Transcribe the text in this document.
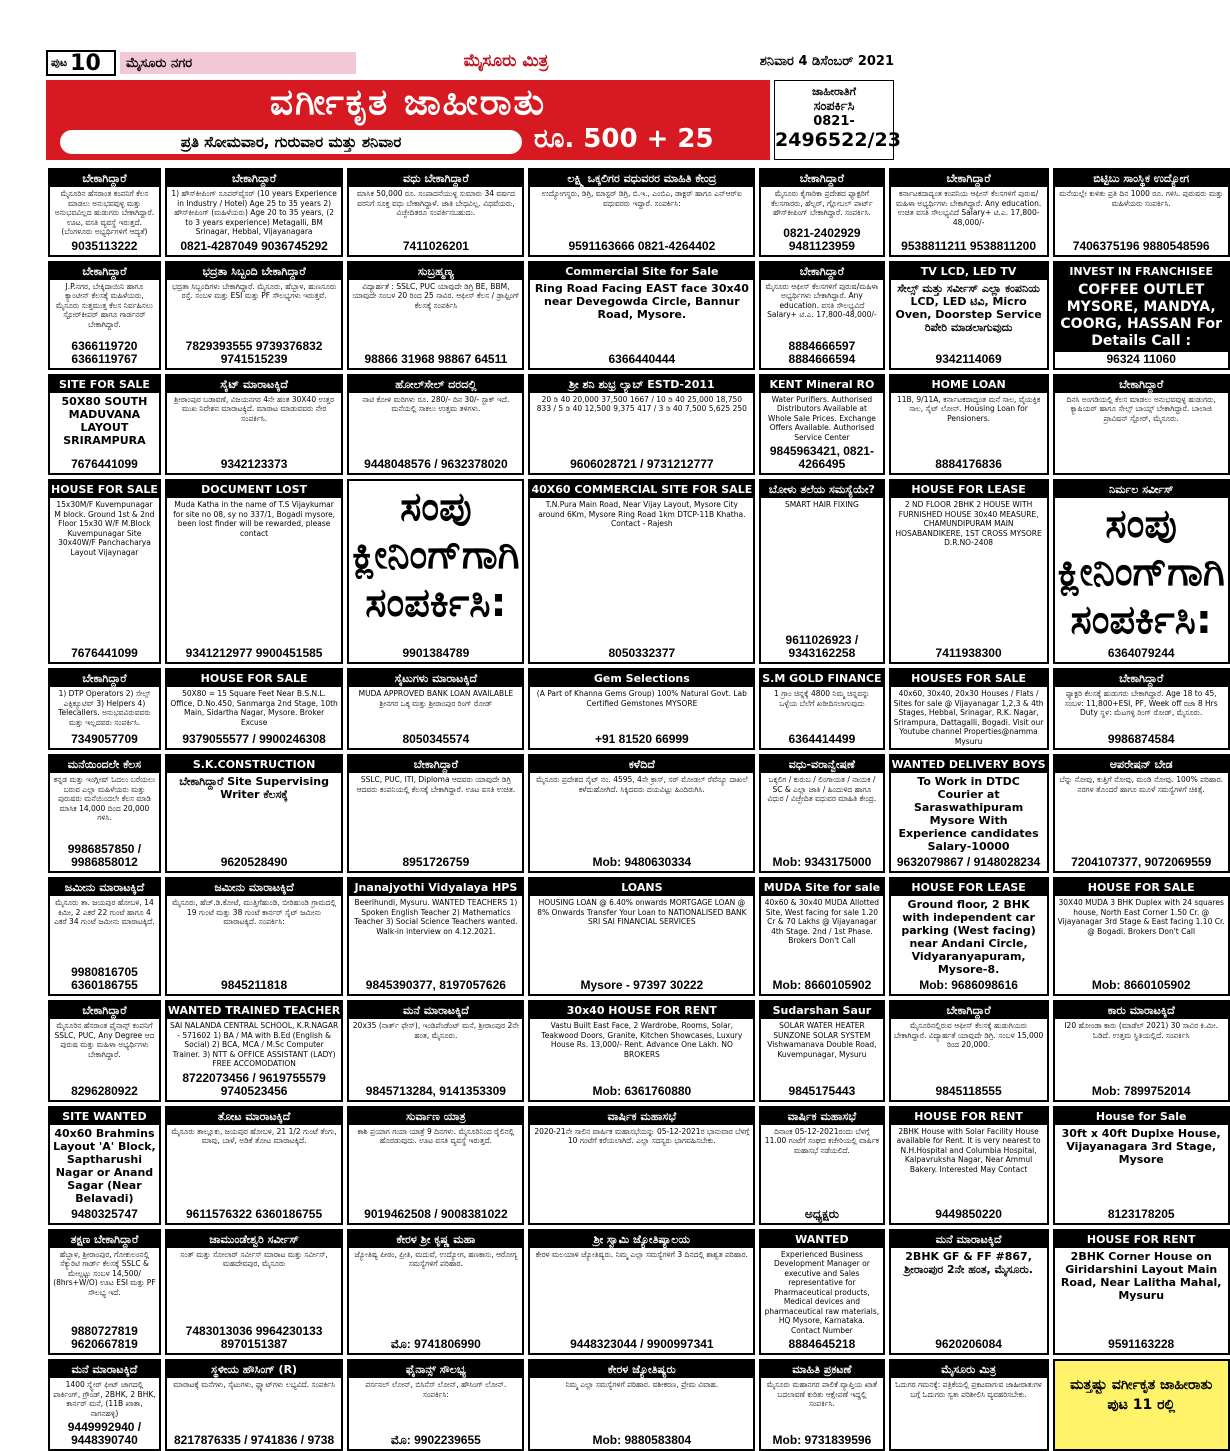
ಪುಟ 10	ಮೈಸೂರು ನಗರ	ಮೈಸೂರು ಮಿತ್ರ	ಶನಿವಾರ 4 ಡಿಸೆಂಬರ್ 2021
ವರ್ಗೀಕೃತ ಜಾಹೀರಾತು
ಪ್ರತಿ ಸೋಮವಾರ, ಗುರುವಾರ ಮತ್ತು ಶನಿವಾರ	ರೂ. 500 + 25
ಜಾಹೀರಾತಿಗೆ
ಸಂಪರ್ಕಿಸಿ
0821-
2496522/23
ಬೇಕಾಗಿದ್ದಾರೆ
ಮೈಸೂರಿನ ಹೆಸರಾಂತ ಕಂಪನಿಗೆ ಕೆಲಸ ಮಾಡಲು ಅನುಭವವುಳ್ಳ ಮತ್ತು ಅನುಭವವಿಲ್ಲದ ಹುಡುಗರು ಬೇಕಾಗಿದ್ದಾರೆ. ಊಟ, ವಸತಿ ವ್ಯವಸ್ಥೆ ಇರುತ್ತದೆ. (ಬೆಂಗಳೂರು ಅಭ್ಯರ್ಥಿಗಳಿಗೆ ಆದ್ಯತೆ)
9035113222
ಬೇಕಾಗಿದ್ದಾರೆ
1) ಹೌಸ್‌ಕೀಪಿಂಗ್ ಸೂಪರ್‌ವೈಸರ್ (10 years Experience in Industry / Hotel) Age 25 to 35 years 2) ಹೌಸ್‌ಕೀಪಿಂಗ್ (ಮಹಿಳೆಯರು) Age 20 to 35 years, (2 to 3 years experience) Metagalli, BM Srinagar, Hebbal, Vijayanagara
0821-4287049 9036745292
ವಧು ಬೇಕಾಗಿದ್ದಾರೆ
ಮಾಸಿಕ 50,000 ರೂ. ಸಂಪಾದನೆಯುಳ್ಳ ಸುಮಾರು 34 ವರ್ಷದ ವರನಿಗೆ ಸೂಕ್ತ ವಧು ಬೇಕಾಗಿದ್ದಾಳೆ. ಜಾತಿ ಬೇಧವಿಲ್ಲ. ವಿಧವೆಯರು, ವಿಚ್ಛೇದಿತರೂ ಸಂಪರ್ಕಿಸಬಹುದು.
7411026201
ಲಕ್ಷ್ಮಿ ಒಕ್ಕಲಿಗರ ವಧುವರರ ಮಾಹಿತಿ ಕೇಂದ್ರ
ಉದ್ಯೋಗಸ್ಥರು, ಡಿಗ್ರಿ, ಮಾಸ್ಟರ್ ಡಿಗ್ರಿ, ಬಿ.ಇ., ಎಂಬಿಎ, ಡಾಕ್ಟರ್ ಹಾಗೂ ಎನ್‌ಆರ್‌ಐ ವಧುವರರು ಇದ್ದಾರೆ. ಸಂಪರ್ಕಿಸಿ:
9591163666 0821-4264402
ಬೇಕಾಗಿದ್ದಾರೆ
ಮೈಸೂರು ಕೈಗಾರಿಕಾ ಪ್ರದೇಶದ ಫ್ಯಾಕ್ಟರಿಗೆ ಕೆಲಸಗಾರರು, ಹೆಲ್ಪರ್, ಗ್ಲೋಬಲ್ ಪಾರ್ಟ್ ಹೌಸ್‌ಕೀಪಿಂಗ್ ಬೇಕಾಗಿದ್ದಾರೆ. ಸಂಪರ್ಕಿಸಿ.
0821-2402929 9481123959
ಬೇಕಾಗಿದ್ದಾರೆ
ಕರ್ನಾಟಕದಾದ್ಯಂತ ಕಂಪನಿಯ ಆಫೀಸ್ ಕೆಲಸಗಳಿಗೆ ಪುರುಷ/ಮಹಿಳಾ ಅಭ್ಯರ್ಥಿಗಳು ಬೇಕಾಗಿದ್ದಾರೆ. Any education. ಉಚಿತ ವಸತಿ ಸೌಲಭ್ಯವಿದೆ Salary+ ಟಿ.ಎ. 17,800-48,000/-
9538811211 9538811200
ಬಿಟ್ಟಿಬು ಸಾಂಸ್ಥಿಕ ಉದ್ಯೋಗ
ಮನೆಯಲ್ಲೇ ಕುಳಿತು ಪ್ರತಿ ದಿನ 1000 ರೂ. ಗಳಿಸಿ. ಪುರುಷರು ಮತ್ತು ಮಹಿಳೆಯರು ಸಂಪರ್ಕಿಸಿ.
7406375196 9880548596
ಬೇಕಾಗಿದ್ದಾರೆ
J.P.ನಗರ, ಬೇಕ್ಕಿದಾಯಿನಿ ಹಾಗೂ ಕ್ಯಾಂಟೀನ್ ಕೆಲಸಕ್ಕೆ ಮಹಿಳೆಯರು, ಮೈಸೂರು ಸುತ್ತಮುತ್ತ ಕೆಲಸ ನಿರ್ವಹಿಸಲು ಸ್ಟೋರ್‌ಕೀಪರ್ ಹಾಗೂ ಗಾರ್ಡನರ್ ಬೇಕಾಗಿದ್ದಾರೆ.
6366119720 6366119767
ಭದ್ರತಾ ಸಿಬ್ಬಂದಿ ಬೇಕಾಗಿದ್ದಾರೆ
ಭದ್ರತಾ ಸಿಬ್ಬಂದಿಗಳು ಬೇಕಾಗಿದ್ದಾರೆ. ಮೈಸೂರು, ಹೆಬ್ಬಾಳ, ಹುಣಸೂರು ರಸ್ತೆ. ಸಂಬಳ ಮತ್ತು ESI ಮತ್ತು PF ಸೌಲಭ್ಯಗಳು ಇರುತ್ತವೆ.
7829393555 9739376832 9741515239
ಸುಬ್ರಹ್ಮಣ್ಯ
ವಿದ್ಯಾರ್ಹತೆ : SSLC, PUC ಯಾವುದೇ ಡಿಗ್ರಿ BE, BBM, ಯಾವುದೇ ಸಂಬಳ 20 ರಿಂದ 25 ಸಾವಿರ. ಆಫೀಸ್ ಕೆಲಸ / ಡ್ರಾಫ್ಟಿಂಗ್ ಕೆಲಸಕ್ಕೆ ಸಂಪರ್ಕಿಸಿ
98866 31968 98867 64511
Commercial Site for Sale
Ring Road Facing EAST face 30x40 near Devegowda Circle, Bannur Road, Mysore.
6366440444
ಬೇಕಾಗಿದ್ದಾರೆ
ಮೈಸೂರು ಆಫೀಸ್ ಕೆಲಸಗಳಿಗೆ ಪುರುಷ/ಮಹಿಳಾ ಅಭ್ಯರ್ಥಿಗಳು ಬೇಕಾಗಿದ್ದಾರೆ. Any education. ವಸತಿ ಸೌಲಭ್ಯವಿದೆ Salary+ ಟಿ.ಎ. 17,800-48,000/-
8884666597 8884666594
TV LCD, LED TV
ಸೇಲ್ಸ್ ಮತ್ತು ಸರ್ವೀಸ್ ಎಲ್ಲಾ ಕಂಪನಿಯ LCD, LED ಟಿವಿ, Micro Oven, Doorstep Service ರಿಪೇರಿ ಮಾಡಲಾಗುವುದು
9342114069
INVEST IN FRANCHISEE
COFFEE OUTLET MYSORE, MANDYA, COORG, HASSAN For Details Call :
96324 11060
SITE FOR SALE
50X80 SOUTH MADUVANA LAYOUT SRIRAMPURA
7676441099
ಸೈಟ್ ಮಾರಾಟಕ್ಕಿದೆ
ಶ್ರೀರಾಂಪುರ ಬಡಾವಣೆ, ವಿಜಯನಗರ 4ನೇ ಹಂತ 30X40 ಉತ್ತರ ಮುಖ ನಿವೇಶನ ಮಾರಾಟಕ್ಕಿದೆ. ಮಾರಾಟ ಮಾಡುವವರು ನೇರ ಸಂಪರ್ಕಿಸಿ.
9342123373
ಹೋಲ್‌ಸೇಲ್ ದರದಲ್ಲಿ
ನಾಟಿ ಕೋಳಿ ಮರಿಗಳು ರೂ. 280/- ದಿನ 30/- ಸ್ಟಾಕ್ ಇದೆ. ಮನೆಯಲ್ಲಿ ಸಾಕಲು ಉತ್ತಮ ತಳಿಗಳು.
9448048576 / 9632378020
ಶ್ರೀ ಶನಿ ಶುಭ್ರ ಲ್ಯಾಬ್ ESTD-2011
20 ಡಿ 40 20,000 37,500 1667 / 10 ಡಿ 40 25,000 18,750 833 / 5 ಡಿ 40 12,500 9,375 417 / 3 ಡಿ 40 7,500 5,625 250
9606028721 / 9731212777
KENT Mineral RO
Water Purifiers. Authorised Distributors Available at Whole Sale Prices. Exchange Offers Available. Authorised Service Center
9845963421, 0821-4266495
HOME LOAN
11B, 9/11A, ಕರ್ನಾಟಕದಾದ್ಯಂತ ಮನೆ ಸಾಲ, ವೈಯಕ್ತಿಕ ಸಾಲ, ಸೈಟ್ ಲೋನ್. Housing Loan for Pensioners.
8884176836
ಬೇಕಾಗಿದ್ದಾರೆ
ದಿನಸಿ ಅಂಗಡಿಯಲ್ಲಿ ಕೆಲಸ ಮಾಡಲು ಅನುಭವವುಳ್ಳ ಹುಡುಗರು, ಕ್ಯಾಷಿಯರ್ ಹಾಗೂ ಸೇಲ್ಸ್ ಬಾಯ್ಸ್ ಬೇಕಾಗಿದ್ದಾರೆ. ಬಾಲಾಜಿ ಪ್ರಾವಿಷನ್ ಸ್ಟೋರ್, ಮೈಸೂರು.
HOUSE FOR SALE
15x30M/F Kuvempunagar M block. Ground 1st & 2nd Floor 15x30 W/F M.Block Kuvempunagar Site 30x40W/F Panchacharya Layout Vijaynagar
7676441099
DOCUMENT LOST
Muda Katha in the name of T.S Vijaykumar for site no 08, sy no 337/1, Bogadi mysore, been lost finder will be rewarded, please contact
9341212977 9900451585
ಸಂಪು ಕ್ಲೀನಿಂಗ್‌ಗಾಗಿ ಸಂಪರ್ಕಿಸಿ:
9901384789
40X60 COMMERCIAL SITE FOR SALE
T.N.Pura Main Road, Near Vijay Layout, Mysore City around 6Km, Mysore Ring Road 1km DTCP-11B Khatha. Contact - Rajesh
8050332377
ಬೋಳು ತಲೆಯ ಸಮಸ್ಯೆಯೇ?
SMART HAIR FIXING
9611026923 / 9343162258
HOUSE FOR LEASE
2 ND FLOOR 2BHK 2 HOUSE WITH FURNISHED HOUSE 30x40 MEASURE, CHAMUNDIPURAM MAIN HOSABANDIKERE, 1ST CROSS MYSORE D.R.NO-2408
7411938300
ನಿರ್ಮಲ ಸರ್ವೀಸ್
ಸಂಪು ಕ್ಲೀನಿಂಗ್‌ಗಾಗಿ ಸಂಪರ್ಕಿಸಿ:
6364079244
ಬೇಕಾಗಿದ್ದಾರೆ
1) DTP Operators 2) ಸೇಲ್ಸ್ ಎಕ್ಸಿಕ್ಯೂಟಿವ್ 3) Helpers 4) Telecallers. ಅನುಭವವಿರುವವರು ಮತ್ತು ಇಲ್ಲದವರು ಸಂಪರ್ಕಿಸಿ.
7349057709
HOUSE FOR SALE
50X80 = 15 Square Feet Near B.S.N.L. Office, D.No.450, Sanmarga 2nd Stage, 10th Main, Sidartha Nagar, Mysore. Broker Excuse
9379055577 / 9900246308
ಸೈಟುಗಳು ಮಾರಾಟಕ್ಕಿದೆ
MUDA APPROVED BANK LOAN AVAILABLE ಶ್ರೀನಗರ ಒಕ್ಕ ಮತ್ತು ಶ್ರೀರಾಂಪುರ ರಿಂಗ್ ರೋಡ್
8050345574
Gem Selections
(A Part of Khanna Gems Group) 100% Natural Govt. Lab Certified Gemstones MYSORE
+91 81520 66999
S.M GOLD FINANCE
1 ಗ್ರಾಂ ಚಿನ್ನಕ್ಕೆ 4800 ನಿಮ್ಮ ಚಿನ್ನವನ್ನು ಒಳ್ಳೆಯ ಬೆಲೆಗೆ ಖರೀದಿಸಲಾಗುವುದು
6364414499
HOUSES FOR SALE
40x60, 30x40, 20x30 Houses / Flats / Sites for sale @ Vijayanagar 1,2,3 & 4th Stages, Hebbal, Srinagar, R.K. Nagar, Srirampura, Dattagalli, Bogadi. Visit our Youtube channel Properties@namma Mysuru
ಬೇಕಾಗಿದ್ದಾರೆ
ಫ್ಯಾಕ್ಟರಿ ಕೆಲಸಕ್ಕೆ ಹುಡುಗರು ಬೇಕಾಗಿದ್ದಾರೆ. Age 18 to 45, ಸಂಬಳ: 11,800+ESI, PF, Week off ರಜಾ 8 Hrs Duty ಸ್ಥಳ: ಮೆಟಗಳ್ಳಿ ರಿಂಗ್ ರೋಡ್, ಮೈಸೂರು.
9986874584
ಮನೆಯಿಂದಲೇ ಕೆಲಸ
ಕನ್ನಡ ಮತ್ತು ಇಂಗ್ಲೀಷ್ ಓದಲು ಬರೆಯಲು ಬರುವ ಎಲ್ಲಾ ಮಹಿಳೆಯರು ಮತ್ತು ಪುರುಷರು ಮನೆಯಿಂದಲೇ ಕೆಲಸ ಮಾಡಿ ಮಾಸಿಕ 14,000 ದಿಂದ 20,000 ಗಳಿಸಿ.
9986857850 / 9986858012
S.K.CONSTRUCTION
ಬೇಕಾಗಿದ್ದಾರೆ Site Supervising Writer ಕೆಲಸಕ್ಕೆ
9620528490
ಬೇಕಾಗಿದ್ದಾರೆ
SSLC, PUC, ITI, Diploma ಆದವರು ಯಾವುದೇ ಡಿಗ್ರಿ ಆದವರು ಕಂಪನಿಯಲ್ಲಿ ಕೆಲಸಕ್ಕೆ ಬೇಕಾಗಿದ್ದಾರೆ. ಊಟ ವಸತಿ ಉಚಿತ.
8951726759
ಕಳೆದಿದೆ
ಮೈಸೂರು ಪ್ರದೇಶದ ಸೈಟ್ ನಂ. 4595, 4ನೇ ಕ್ರಾಸ್, ಸರ್ ಮೋಡಲ್ ರೆವೆನ್ಯೂ ದಾಖಲೆ ಕಳೆದುಹೋಗಿದೆ. ಸಿಕ್ಕಿದವರು ದಯವಿಟ್ಟು ಹಿಂದಿರುಗಿಸಿ.
Mob: 9480630334
ವಧು-ವರಾನ್ವೇಷಣೆ
ಒಕ್ಕಲಿಗ / ಕುರುಬ / ಲಿಂಗಾಯತ / ನಾಯಕ / SC & ಎಲ್ಲಾ ಜಾತಿ / ಹಿಂದುಳಿದ ಹಾಗೂ ವಿಧುರ / ವಿಚ್ಛೇದಿತ ವಧುವರ ಮಾಹಿತಿ ಕೇಂದ್ರ.
Mob: 9343175000
WANTED DELIVERY BOYS
To Work in DTDC Courier at Saraswathipuram Mysore With Experience candidates Salary-10000
9632079867 / 9148028234
ಆಪರೇಷನ್ ಬೇಡ
ಬೆನ್ನು ನೋವು, ಕುತ್ತಿಗೆ ನೋವು, ಮಂಡಿ ನೋವು. 100% ಪರಿಹಾರ. ನರಗಳ ತೊಂದರೆ ಹಾಗೂ ಮೂಳೆ ಸಮಸ್ಯೆಗಳಿಗೆ ಚಿಕಿತ್ಸೆ.
7204107377, 9072069559
ಜಮೀನು ಮಾರಾಟಕ್ಕಿದೆ
ಮೈಸೂರು ತಾ. ಜಯಪುರ ಹೋಬಳಿ, 14 ಕಿಮೀ, 2 ಎಕರೆ 22 ಗುಂಟೆ ಹಾಗೂ 4 ಎಕರೆ 34 ಗುಂಟೆ ಜಮೀನು ಮಾರಾಟಕ್ಕಿದೆ.
9980816705 6360186755
ಜಮೀನು ಮಾರಾಟಕ್ಕಿದೆ
ಮೈಸೂರು, ಹೆಚ್.ಡಿ.ಕೋಟೆ, ಮುತ್ತಿಗೆಹುಂಡಿ, ಬೀರಿಹುಂಡಿ ಗ್ರಾಮದಲ್ಲಿ 19 ಗುಂಟೆ ಮತ್ತು 38 ಗುಂಟೆ ಕಾರ್ನರ್ ಸೈಟ್ ಜಮೀನು ಮಾರಾಟಕ್ಕಿದೆ. ಸಂಪರ್ಕಿಸಿ:
9845211818
Jnanajyothi Vidyalaya HPS
Beerihundi, Mysuru. WANTED TEACHERS 1) Spoken English Teacher 2) Mathematics Teacher 3) Social Science Teachers wanted. Walk-in interview on 4.12.2021.
9845390377, 8197057626
LOANS
HOUSING LOAN @ 6.40% onwards MORTGAGE LOAN @ 8% Onwards Transfer Your Loan to NATIONALISED BANK SRI SAI FINANCIAL SERVICES
Mysore - 97397 30222
MUDA Site for sale
40x60 & 30x40 MUDA Allotted Site, West facing for sale 1.20 Cr & 70 Lakhs @ Vijayanagar 4th Stage. 2nd / 1st Phase. Brokers Don't Call
Mob: 8660105902
HOUSE FOR LEASE
Ground floor, 2 BHK with independent car parking (West facing) near Andani Circle, Vidyaranyapuram, Mysore-8.
Mob: 9686098616
HOUSE FOR SALE
30X40 MUDA 3 BHK Duplex with 24 squares house, North East Corner 1.50 Cr. @ Vijayanagar 3rd Stage & East facing 1.10 Cr. @ Bogadi. Brokers Don't Call
Mob: 8660105902
ಬೇಕಾಗಿದ್ದಾರೆ
ಮೈಸೂರಿನ ಹೆಸರಾಂತ ಫೈನಾನ್ಸ್ ಕಂಪನಿಗೆ SSLC, PUC, Any Degree ಆದ ಪುರುಷ ಮತ್ತು ಮಹಿಳಾ ಅಭ್ಯರ್ಥಿಗಳು ಬೇಕಾಗಿದ್ದಾರೆ.
8296280922
WANTED TRAINED TEACHER
SAI NALANDA CENTRAL SCHOOL, K.R.NAGAR - 571602 1) BA / MA with B.Ed (English & Social) 2) BCA, MCA / M.Sc Computer Trainer. 3) NTT & OFFICE ASSISTANT (LADY) FREE ACCOMODATION
8722073456 / 9619755579 9740523456
ಮನೆ ಮಾರಾಟಕ್ಕಿದೆ
20x35 (ನಾರ್ತ್ ಫೇಸ್), ಇಂಡಿಪೆಂಡೆಂಟ್ ಮನೆ, ಶ್ರೀರಾಂಪುರ 2ನೇ ಹಂತ, ಮೈಸೂರು.
9845713284, 9141353309
30x40 HOUSE FOR RENT
Vastu Built East Face, 2 Wardrobe, Rooms, Solar, Teakwood Doors, Granite, Kitchen Showcases, Luxury House Rs. 13,000/- Rent. Advance One Lakh. NO BROKERS
Mob: 6361760880
Sudarshan Saur
SOLAR WATER HEATER SUNZONE SOLAR SYSTEM Vishwamanava Double Road, Kuvempunagar, Mysuru
9845175443
ಬೇಕಾಗಿದ್ದಾರೆ
ಮೈಸೂರಿನಲ್ಲಿರುವ ಆಫೀಸ್ ಕೆಲಸಕ್ಕೆ ಹುಡುಗಿಯರು ಬೇಕಾಗಿದ್ದಾರೆ. ವಿದ್ಯಾರ್ಹತೆ ಯಾವುದೇ ಡಿಗ್ರಿ. ಸಂಬಳ 15,000 ರಿಂದ 20,000.
9845118555
ಕಾರು ಮಾರಾಟಕ್ಕಿದೆ
I20 ಹೋಂಡಾ ಕಾರು (ಮಾಡೆಲ್ 2021) 30 ಸಾವಿರ ಕಿ.ಮೀ. ಓಡಿದೆ. ಉತ್ತಮ ಸ್ಥಿತಿಯಲ್ಲಿದೆ. ಸಂಪರ್ಕಿಸಿ
Mob: 7899752014
SITE WANTED
40x60 Brahmins Layout 'A' Block, Saptharushi Nagar or Anand Sagar (Near Belavadi)
9480325747
ತೋಟ ಮಾರಾಟಕ್ಕಿದೆ
ಮೈಸೂರು ತಾಲ್ಲೂಕು, ಜಯಪುರ ಹೋಬಳಿ, 21 1/2 ಗುಂಟೆ ತೆಂಗು, ಮಾವು, ಬಾಳೆ, ಅಡಿಕೆ ತೋಟ ಮಾರಾಟಕ್ಕಿದೆ.
9611576322 6360186755
ಸುರ್ವಾಣ ಯಾತ್ರ
ಕಾಶಿ ಪ್ರಯಾಗ ಗಯಾ ಯಾತ್ರೆ 9 ದಿನಗಳು. ಮೈಸೂರಿನಿಂದ ರೈಲಿನಲ್ಲಿ ಹೊರಡುವುದು. ಊಟ ವಸತಿ ವ್ಯವಸ್ಥೆ ಇರುತ್ತದೆ.
9019462508 / 9008381022
ವಾರ್ಷಿಕ ಮಹಾಸಭೆ
2020-21ನೇ ಸಾಲಿನ ವಾರ್ಷಿಕ ಮಹಾಸಭೆಯನ್ನು 05-12-2021ರ ಭಾನುವಾರ ಬೆಳಗ್ಗೆ 10 ಗಂಟೆಗೆ ಕರೆಯಲಾಗಿದೆ. ಎಲ್ಲಾ ಸದಸ್ಯರು ಭಾಗವಹಿಸಬೇಕು.
ವಾರ್ಷಿಕ ಮಹಾಸಭೆ
ದಿನಾಂಕ 05-12-2021ರಂದು ಬೆಳಗ್ಗೆ 11.00 ಗಂಟೆಗೆ ಸಂಘದ ಕಚೇರಿಯಲ್ಲಿ ವಾರ್ಷಿಕ ಮಹಾಸಭೆ ನಡೆಯಲಿದೆ.
ಅಧ್ಯಕ್ಷರು
HOUSE FOR RENT
2BHK House with Solar Facility House available for Rent. It is very nearest to N.H.Hospital and Columbia Hospital, Kalpavruksha Nagar, Near Ammul Bakery. Interested May Contact
9449850220
House for Sale
30ft x 40ft Duplxe House, Vijayanagara 3rd Stage, Mysore
8123178205
ತಕ್ಷಣ ಬೇಕಾಗಿದ್ದಾರೆ
ಹೆಬ್ಬಾಳ, ಶ್ರೀರಾಂಪುರ, ಗೋಕುಲಂನಲ್ಲಿ ಸೆಕ್ಯುರಿಟಿ ಗಾರ್ಡ್ ಕೆಲಸಕ್ಕೆ SSLC & ಮೇಲ್ಪಟ್ಟು ಸಂಬಳ 14,500/ (8hrs+W/O) ಊಟ ESI ಮತ್ತು PF ಸೌಲಭ್ಯ ಇದೆ.
9880727819 9620667819
ಜಾಮುಂಡೇಶ್ವರಿ ಸರ್ವೀಸ್
ಸಂತ್ ಮತ್ತು ಸೋಲಾರ್ ಸರ್ವೀಸ್ ಮಾರಾಟ ಮತ್ತು ಸರ್ವೀಸ್, ಮಹದೇವಪುರ, ಮೈಸೂರು
7483013036 9964230133 8970151387
ಕೇರಳ ಶ್ರೀ ಕೃಷ್ಣ ಮಹಾ
ಜ್ಯೋತಿಷ್ಯ ಪೀಠಂ, ಪ್ರೀತಿ, ಮದುವೆ, ಉದ್ಯೋಗ, ಹಣಕಾಸು, ಆರೋಗ್ಯ ಸಮಸ್ಯೆಗಳಿಗೆ ಪರಿಹಾರ.
ಮೊ: 9741806990
ಶ್ರೀ ಸ್ವಾಮಿ ಜ್ಯೋತಿಷ್ಯಾಲಯ
ಕೇರಳ ಮಲಯಾಳಿ ಜ್ಯೋತಿಷ್ಯರು. ನಿಮ್ಮ ಎಲ್ಲಾ ಸಮಸ್ಯೆಗಳಿಗೆ 3 ದಿನದಲ್ಲಿ ಶಾಶ್ವತ ಪರಿಹಾರ.
9448323044 / 9900997341
WANTED
Experienced Business Development Manager or executive and Sales representative for Pharmaceutical products, Medical devices and pharmaceutical raw materials, HQ Mysore, Karnataka. Contact Number
8884645218
ಮನೆ ಮಾರಾಟಕ್ಕಿದೆ
2BHK GF & FF #867, ಶ್ರೀರಾಂಪುರ 2ನೇ ಹಂತ, ಮೈಸೂರು.
9620206084
HOUSE FOR RENT
2BHK Corner House on Giridarshini Layout Main Road, Near Lalitha Mahal, Mysuru
9591163228
ಮನೆ ಮಾರಾಟಕ್ಕಿದೆ
1400 ಸ್ಕ್ವೇರ್ ಫೀಟ್ ಜಾಗದಲ್ಲಿ ಪಾರ್ಕಿಂಗ್, ಗ್ರೌಂಡ್, 2BHK, 2 BHK, ಕಾರ್ನರ್ ಮನೆ, (11B ಖಾತಾ, ನಾಗನಹಳ್ಳಿ)
9449992940 / 9448390740
ಸ್ಥಳೀಯ ಹೌಸಿಂಗ್ (R)
ಮಾರಾಟಕ್ಕೆ ಮನೆಗಳು, ಸೈಟುಗಳು, ಫ್ಲ್ಯಾಟ್‌ಗಳು ಲಭ್ಯವಿದೆ. ಸಂಪರ್ಕಿಸಿ
8217876335 / 9741836 / 9738
ಫೈನಾನ್ಸ್ ಸೌಲಭ್ಯ
ಪರ್ಸನಲ್ ಲೋನ್, ಬಿಸಿನೆಸ್ ಲೋನ್, ಹೌಸಿಂಗ್ ಲೋನ್. ಸಂಪರ್ಕಿಸಿ:
ಮೊ: 9902239655
ಕೇರಳ ಜ್ಯೋತಿಷ್ಯರು
ನಿಮ್ಮ ಎಲ್ಲಾ ಸಮಸ್ಯೆಗಳಿಗೆ ಪರಿಹಾರ. ವಶೀಕರಣ, ಪ್ರೇಮ ವಿವಾಹ.
Mob: 9880583804
ಮಾಹಿತಿ ಪ್ರಕಟಣೆ
ಮೈಸೂರು ಮಹಾನಗರ ಪಾಲಿಕೆ ವ್ಯಾಪ್ತಿಯ ಖಾತೆ ಬದಲಾವಣೆ ಕುರಿತು ಆಕ್ಷೇಪಣೆ ಇದ್ದಲ್ಲಿ ಸಂಪರ್ಕಿಸಿ.
Mob: 9731839596
ಮೈಸೂರು ಮಿತ್ರ
ಓದುಗರ ಗಮನಕ್ಕೆ: ಪತ್ರಿಕೆಯಲ್ಲಿ ಪ್ರಕಟವಾಗುವ ಜಾಹೀರಾತುಗಳ ಬಗ್ಗೆ ಓದುಗರು ಸ್ವತಃ ಪರಿಶೀಲಿಸಿ ವ್ಯವಹರಿಸಬೇಕು.
ಮತ್ತಷ್ಟು ವರ್ಗೀಕೃತ ಜಾಹೀರಾತು ಪುಟ 11 ರಲ್ಲಿ
